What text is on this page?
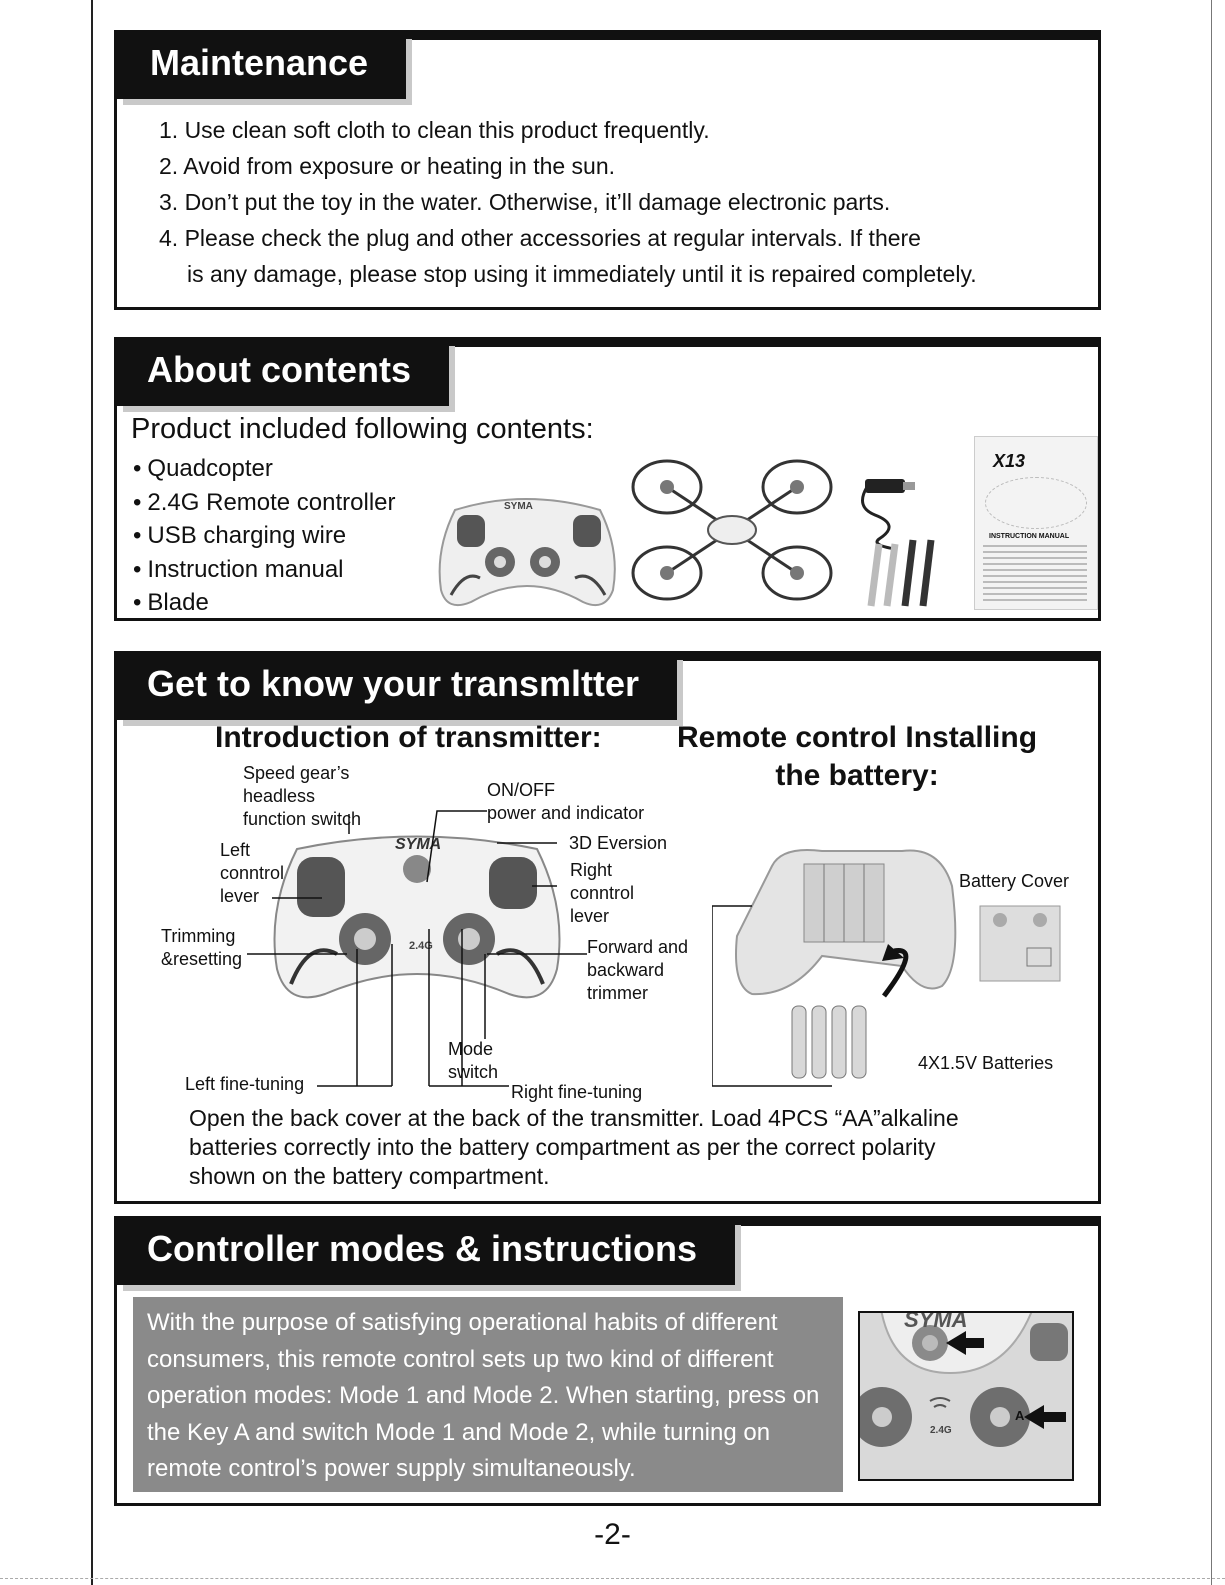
Maintenance
1. Use clean soft cloth to clean this product frequently.
2. Avoid from exposure or heating in the sun.
3. Don’t put the toy in the water. Otherwise, it’ll damage electronic parts.
4. Please check the plug and other accessories at regular intervals. If there
is any damage, please stop using it immediately until it is repaired completely.
About contents
Product included following contents:
• Quadcopter
• 2.4G Remote controller
• USB charging wire
• Instruction manual
• Blade
SYMA
X13
INSTRUCTION MANUAL
Get to know your transmltter
Introduction of transmitter:	Remote control Installing
the battery:
SYMA
2.4G
Speed gear’s
headless
function switch
ON/OFF
power and indicator
3D Eversion
Left
conntrol
lever
Right
conntrol
lever
Trimming
&resetting
Forward and
backward
trimmer
Mode
switch
Left fine-tuning	Right fine-tuning
Battery Cover
4X1.5V Batteries
Open the back cover at the back of the transmitter. Load 4PCS “AA”alkaline
batteries correctly into the battery compartment as per the correct polarity
shown on the battery compartment.
Controller modes & instructions
With the purpose of satisfying operational habits of different consumers, this remote control sets up two kind of different operation modes: Mode 1 and Mode 2. When starting, press on the Key A and switch Mode 1 and Mode 2, while turning on remote control’s power supply simultaneously.
SYMA
A
2.4G
-2-
